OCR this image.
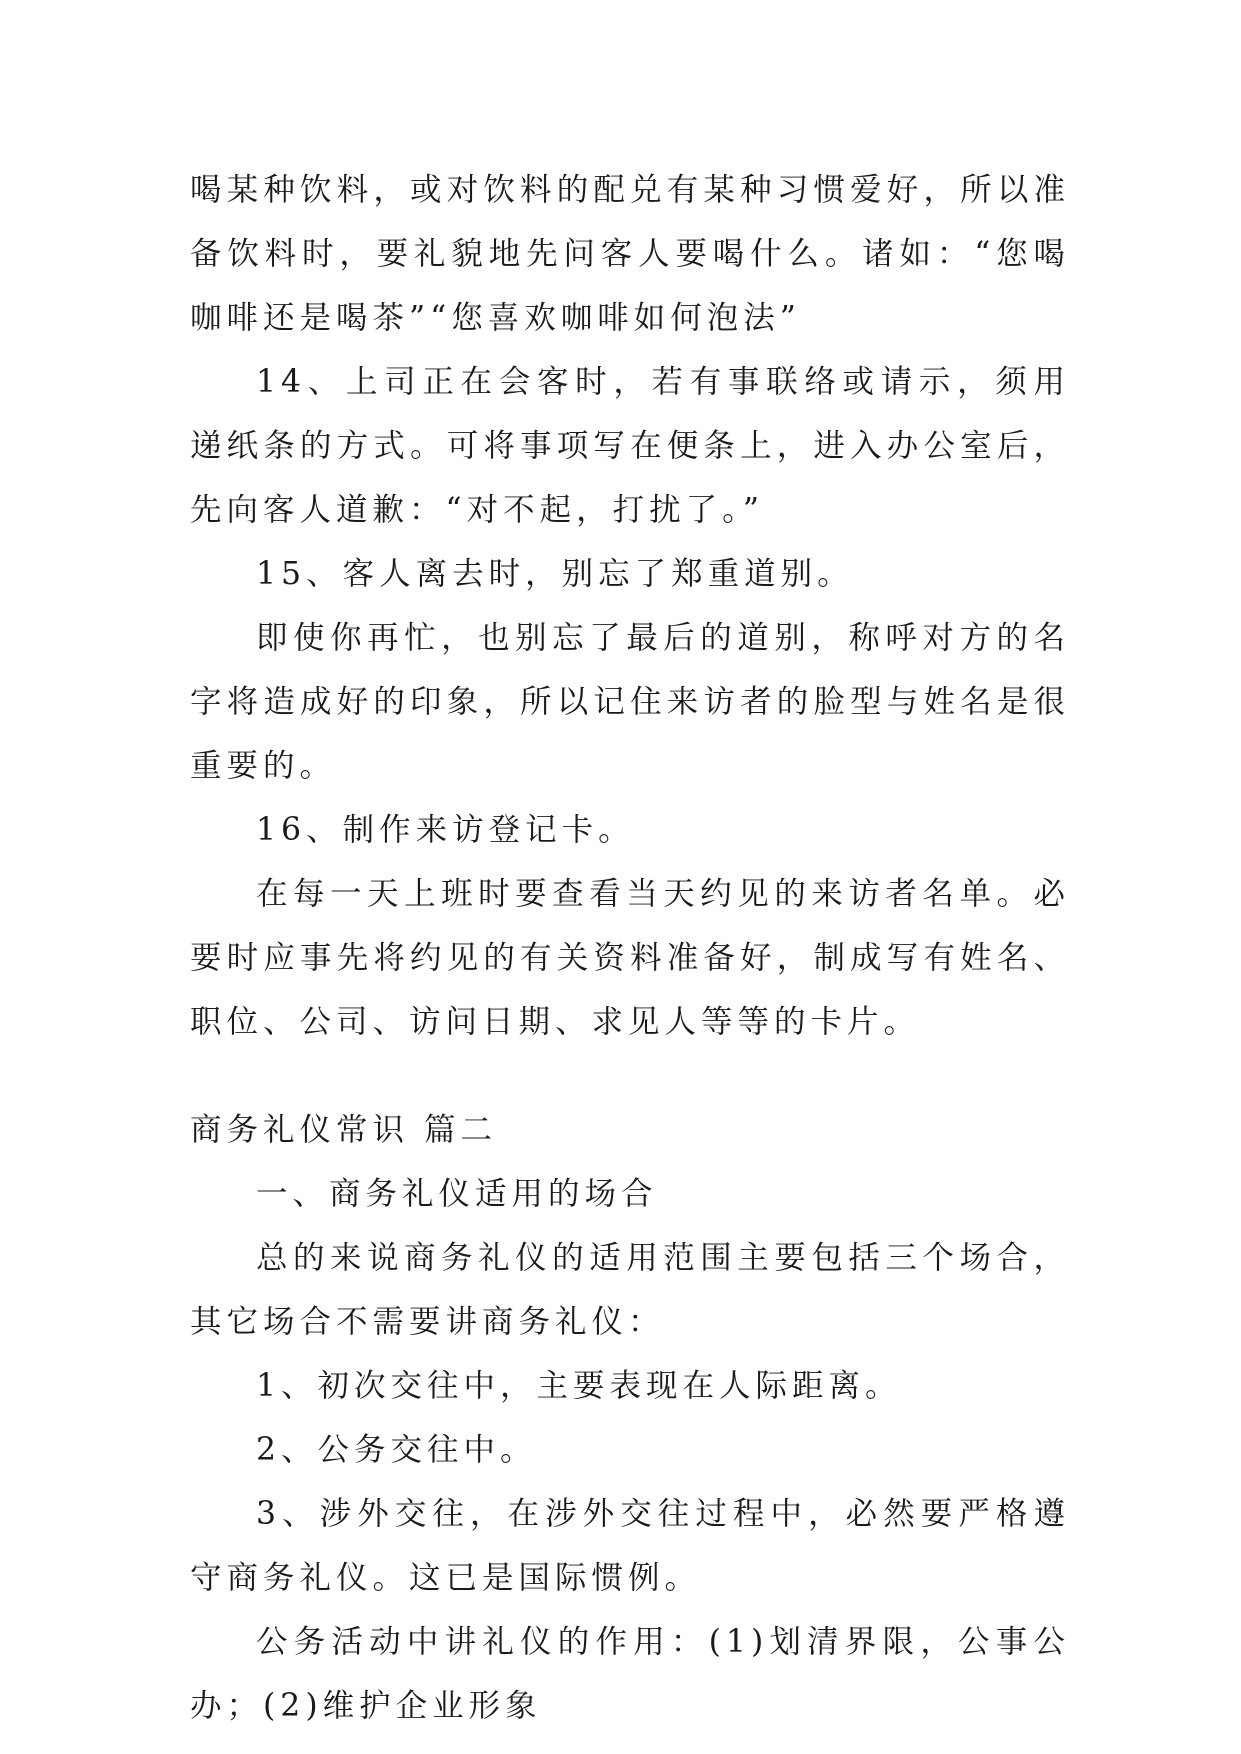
喝某种饮料，或对饮料的配兑有某种习惯爱好，所以准备饮料时，要礼貌地先问客人要喝什么。诸如：“您喝咖啡还是喝茶”“您喜欢咖啡如何泡法”

14、上司正在会客时，若有事联络或请示，须用递纸条的方式。可将事项写在便条上，进入办公室后，先向客人道歉：“对不起，打扰了。”

15、客人离去时，别忘了郑重道别。

即使你再忙，也别忘了最后的道别，称呼对方的名字将造成好的印象，所以记住来访者的脸型与姓名是很重要的。

16、制作来访登记卡。

在每一天上班时要查看当天约见的来访者名单。必要时应事先将约见的有关资料准备好，制成写有姓名、职位、公司、访问日期、求见人等等的卡片。

商务礼仪常识 篇二

一、商务礼仪适用的场合

总的来说商务礼仪的适用范围主要包括三个场合，其它场合不需要讲商务礼仪：

1、初次交往中，主要表现在人际距离。

2、公务交往中。

3、涉外交往，在涉外交往过程中，必然要严格遵守商务礼仪。这已是国际惯例。

公务活动中讲礼仪的作用：(1)划清界限，公事公办；(2)维护企业形象
